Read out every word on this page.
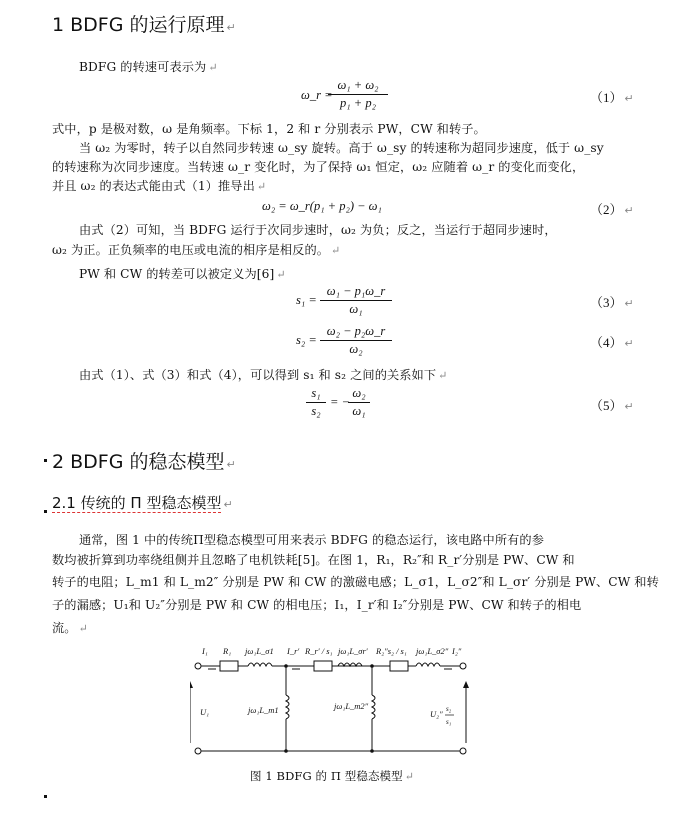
1 BDFG 的运行原理 ↵
BDFG 的转速可表示为 ↵
ω_r =
ω₁ + ω₂
p₁ + p₂	（1） ↵
式中，p 是极对数，ω 是角频率。下标 1，2 和 r 分别表示 PW，CW 和转子。
当 ω₂ 为零时，转子以自然同步转速 ω_sy 旋转。高于 ω_sy 的转速称为超同步速度，低于 ω_sy
的转速称为次同步速度。当转速 ω_r 变化时，为了保持 ω₁ 恒定，ω₂ 应随着 ω_r 的变化而变化，
并且 ω₂ 的表达式能由式（1）推导出 ↵
ω₂ = ω_r(p₁ + p₂) − ω₁	（2） ↵
由式（2）可知，当 BDFG 运行于次同步速时，ω₂ 为负；反之，当运行于超同步速时，
ω₂ 为正。正负频率的电压或电流的相序是相反的。 ↵
PW 和 CW 的转差可以被定义为[6] ↵
s₁ =
ω₁ − p₁ω_r
ω₁	（3） ↵
s₂ =
ω₂ − p₂ω_r
ω₂	（4） ↵
由式（1）、式（3）和式（4），可以得到 s₁ 和 s₂ 之间的关系如下 ↵
s₁
s₂
= −
ω₂
ω₁	（5） ↵
2 BDFG 的稳态模型 ↵
2.1 传统的 Π 型稳态模型 ↵
通常，图 1 中的传统Π型稳态模型可用来表示 BDFG 的稳态运行，该电路中所有的参
数均被折算到功率绕组侧并且忽略了电机铁耗[5]。在图 1，R₁，R₂″和 R_r′分别是 PW、CW 和
转子的电阻；L_m1 和 L_m2″ 分别是 PW 和 CW 的激磁电感；L_σ1，L_σ2″和 L_σr′ 分别是 PW、CW 和转
子的漏感；U₁和 U₂″分别是 PW 和 CW 的相电压；I₁，I_r′和 I₂″分别是 PW、CW 和转子的相电
流。 ↵
I₁ R₁ jω₁L_σ1 I_r′ R_r′ / s₁ jω₁L_σr′ R₂″s₂ / s₁ jω₁L_σ2″ I₂″
U₁	jω₁L_m1	jω₁L_m2″
U₂″ s₂
s₁
图 1 BDFG 的 Π 型稳态模型 ↵
